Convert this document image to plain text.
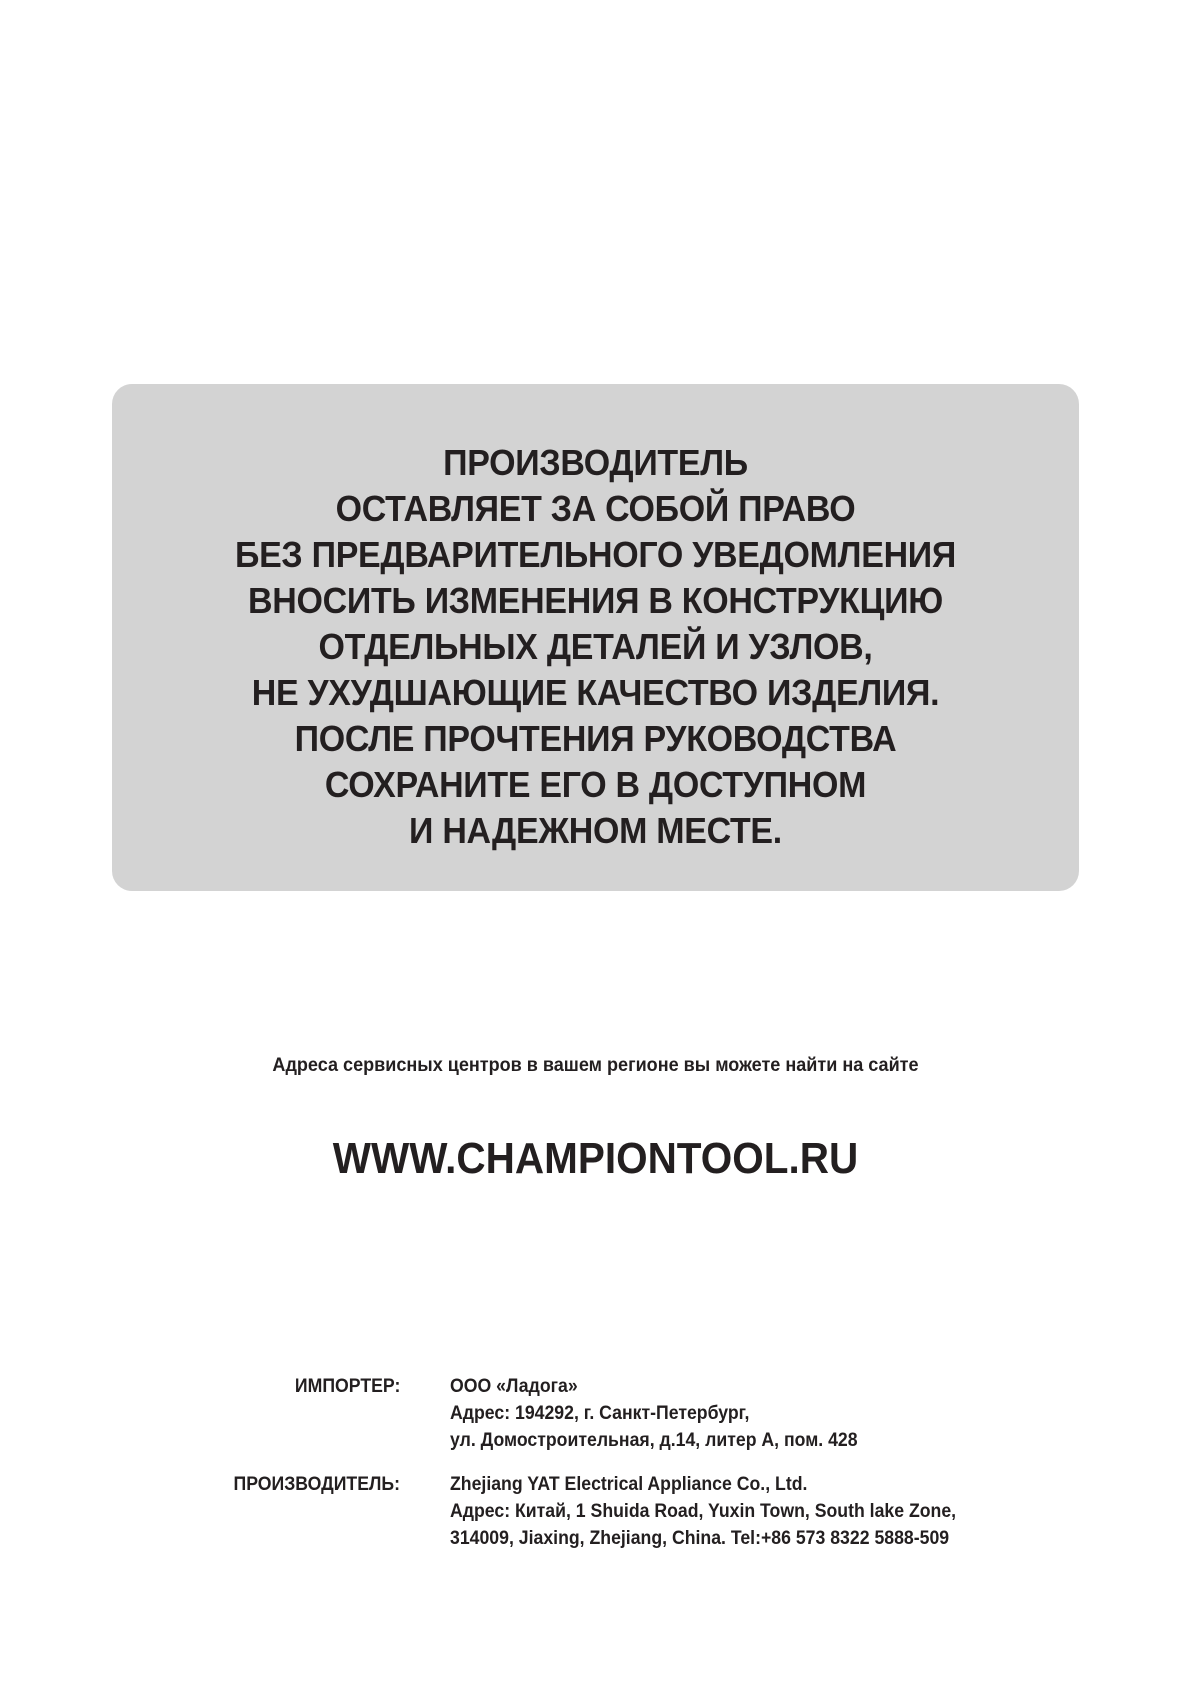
ПРОИЗВОДИТЕЛЬ
ОСТАВЛЯЕТ ЗА СОБОЙ ПРАВО
БЕЗ ПРЕДВАРИТЕЛЬНОГО УВЕДОМЛЕНИЯ
ВНОСИТЬ ИЗМЕНЕНИЯ В КОНСТРУКЦИЮ
ОТДЕЛЬНЫХ ДЕТАЛЕЙ И УЗЛОВ,
НЕ УХУДШАЮЩИЕ КАЧЕСТВО ИЗДЕЛИЯ.
ПОСЛЕ ПРОЧТЕНИЯ РУКОВОДСТВА
СОХРАНИТЕ ЕГО В ДОСТУПНОМ
И НАДЕЖНОМ МЕСТЕ.
Адреса сервисных центров в вашем регионе вы можете найти на сайте
WWW.CHAMPIONTOOL.RU
ИМПОРТЕР:	ООО «Ладога»
Адрес: 194292, г. Санкт-Петербург,
ул. Домостроительная, д.14, литер А, пом. 428
ПРОИЗВОДИТЕЛЬ:	Zhejiang YAT Electrical Appliance Co., Ltd.
Адрес: Китай, 1 Shuida Road, Yuxin Town, South lake Zone,
314009, Jiaxing, Zhejiang, China. Tel:+86 573 8322 5888-509
